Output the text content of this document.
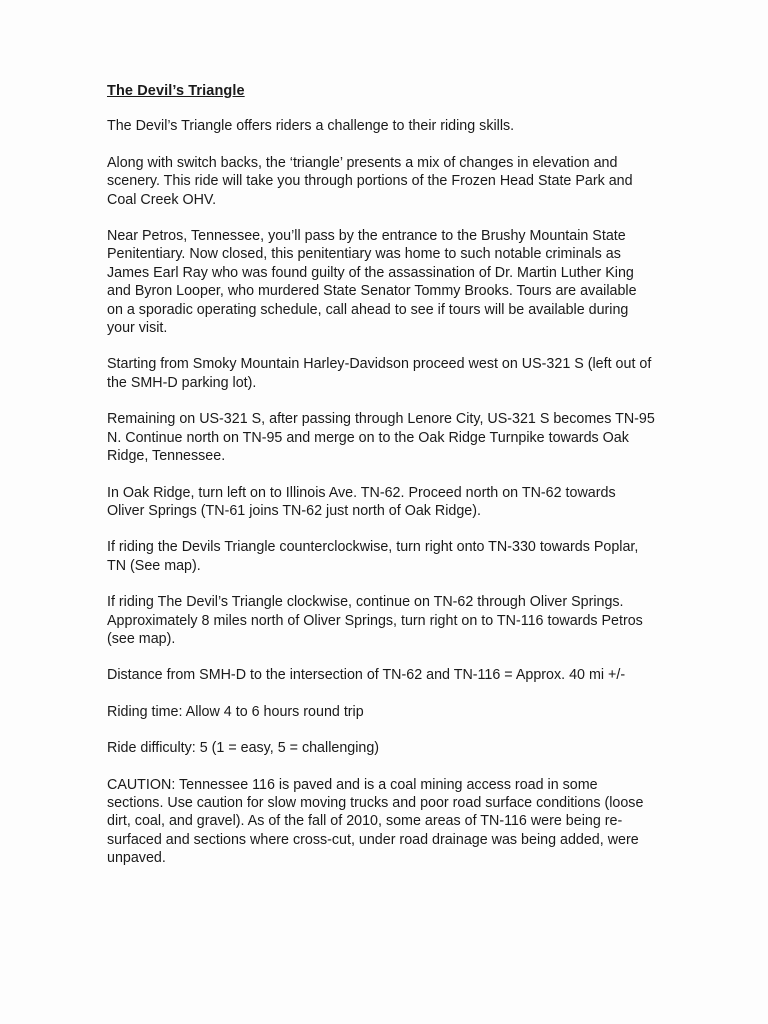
The Devil’s Triangle
The Devil’s Triangle offers riders a challenge to their riding skills.
Along with switch backs, the ‘triangle’ presents a mix of changes in elevation and scenery. This ride will take you through portions of the Frozen Head State Park and Coal Creek OHV.
Near Petros, Tennessee, you’ll pass by the entrance to the Brushy Mountain State Penitentiary. Now closed, this penitentiary was home to such notable criminals as James Earl Ray who was found guilty of the assassination of Dr. Martin Luther King and Byron Looper, who murdered State Senator Tommy Brooks. Tours are available on a sporadic operating schedule, call ahead to see if tours will be available during your visit.
Starting from Smoky Mountain Harley-Davidson proceed west on US-321 S (left out of the SMH-D parking lot).
Remaining on US-321 S, after passing through Lenore City, US-321 S becomes TN-95 N. Continue north on TN-95 and merge on to the Oak Ridge Turnpike towards Oak Ridge, Tennessee.
In Oak Ridge, turn left on to Illinois Ave. TN-62. Proceed north on TN-62 towards Oliver Springs (TN-61 joins TN-62 just north of Oak Ridge).
If riding the Devils Triangle counterclockwise, turn right onto TN-330 towards Poplar, TN (See map).
If riding The Devil’s Triangle clockwise, continue on TN-62 through Oliver Springs. Approximately 8 miles north of Oliver Springs, turn right on to TN-116 towards Petros (see map).
Distance from SMH-D to the intersection of TN-62 and TN-116 = Approx. 40 mi +/-
Riding time: Allow 4 to 6 hours round trip
Ride difficulty: 5 (1 = easy, 5 = challenging)
CAUTION: Tennessee 116 is paved and is a coal mining access road in some sections. Use caution for slow moving trucks and poor road surface conditions (loose dirt, coal, and gravel). As of the fall of 2010, some areas of TN-116 were being re-surfaced and sections where cross-cut, under road drainage was being added, were unpaved.
